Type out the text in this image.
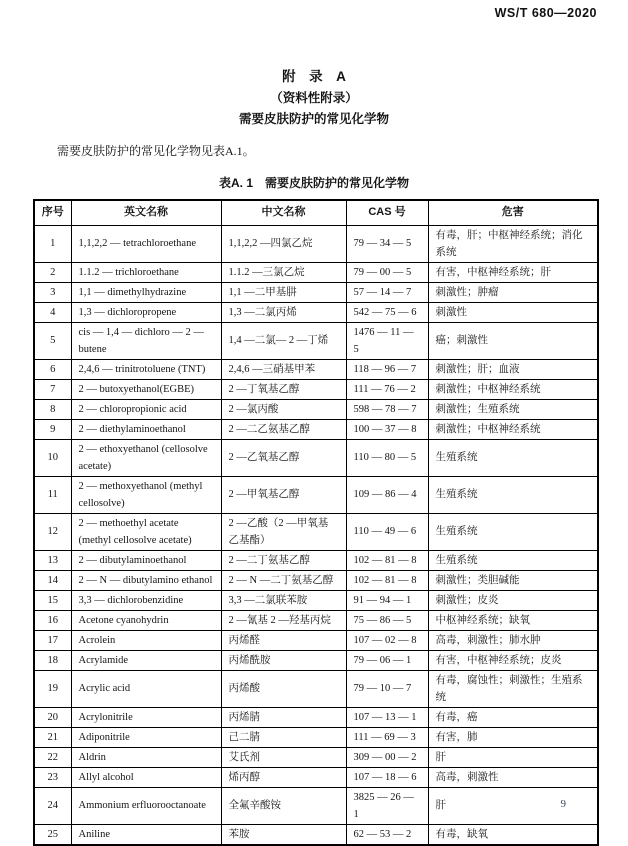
WS/T 680—2020
附　录　A
（资料性附录）
需要皮肤防护的常见化学物

需要皮肤防护的常见化学物见表A.1。

表A. 1　需要皮肤防护的常见化学物
序号	英文名称	中文名称	CAS 号	危害
1	1,1,2,2 — tetrachloroethane	1,1,2,2 —四氯乙烷	79 — 34 — 5	有毒，肝；中枢神经系统；消化系统
2	1.1.2 — trichloroethane	1.1.2 —三氯乙烷	79 — 00 — 5	有害，中枢神经系统；肝
3	1,1 — dimethylhydrazine	1,1 —二甲基肼	57 — 14 — 7	刺激性；肿瘤
4	1,3 — dichloropropene	1,3 —二氯丙烯	542 — 75 — 6	刺激性
5	cis — 1,4 — dichloro — 2 — butene	1,4 —二氯— 2 —丁烯	1476 — 11 — 5	癌；刺激性
6	2,4,6 — trinitrotoluene (TNT)	2,4,6 —三硝基甲苯	118 — 96 — 7	刺激性；肝；血液
7	2 — butoxyethanol(EGBE)	2 —丁氧基乙醇	111 — 76 — 2	刺激性；中枢神经系统
8	2 — chloropropionic acid	2 —氯丙酸	598 — 78 — 7	刺激性；生殖系统
9	2 — diethylaminoethanol	2 —二乙氨基乙醇	100 — 37 — 8	刺激性；中枢神经系统
10	2 — ethoxyethanol (cellosolve acetate)	2 —乙氧基乙醇	110 — 80 — 5	生殖系统
11	2 — methoxyethanol (methyl cellosolve)	2 —甲氧基乙醇	109 — 86 — 4	生殖系统
12	2 — methoethyl acetate (methyl cellosolve acetate)	2 —乙酸（2 —甲氧基乙基酯）	110 — 49 — 6	生殖系统
13	2 — dibutylaminoethanol	2 —二丁氨基乙醇	102 — 81 — 8	生殖系统
14	2 — N — dibutylamino ethanol	2 — N —二丁氨基乙醇	102 — 81 — 8	刺激性；类胆碱能
15	3,3 — dichlorobenzidine	3,3 —二氯联苯胺	91 — 94 — 1	刺激性；皮炎
16	Acetone cyanohydrin	2 —氰基 2 —羟基丙烷	75 — 86 — 5	中枢神经系统；缺氧
17	Acrolein	丙烯醛	107 — 02 — 8	高毒，刺激性；肺水肿
18	Acrylamide	丙烯酰胺	79 — 06 — 1	有害，中枢神经系统；皮炎
19	Acrylic acid	丙烯酸	79 — 10 — 7	有毒，腐蚀性；刺激性；生殖系统
20	Acrylonitrile	丙烯腈	107 — 13 — 1	有毒，癌
21	Adiponitrile	己二腈	111 — 69 — 3	有害，肺
22	Aldrin	艾氏剂	309 — 00 — 2	肝
23	Allyl alcohol	烯丙醇	107 — 18 — 6	高毒，刺激性
24	Ammonium erfluorooctanoate	全氟辛酸铵	3825 — 26 — 1	肝
25	Aniline	苯胺	62 — 53 — 2	有毒，缺氧
9
